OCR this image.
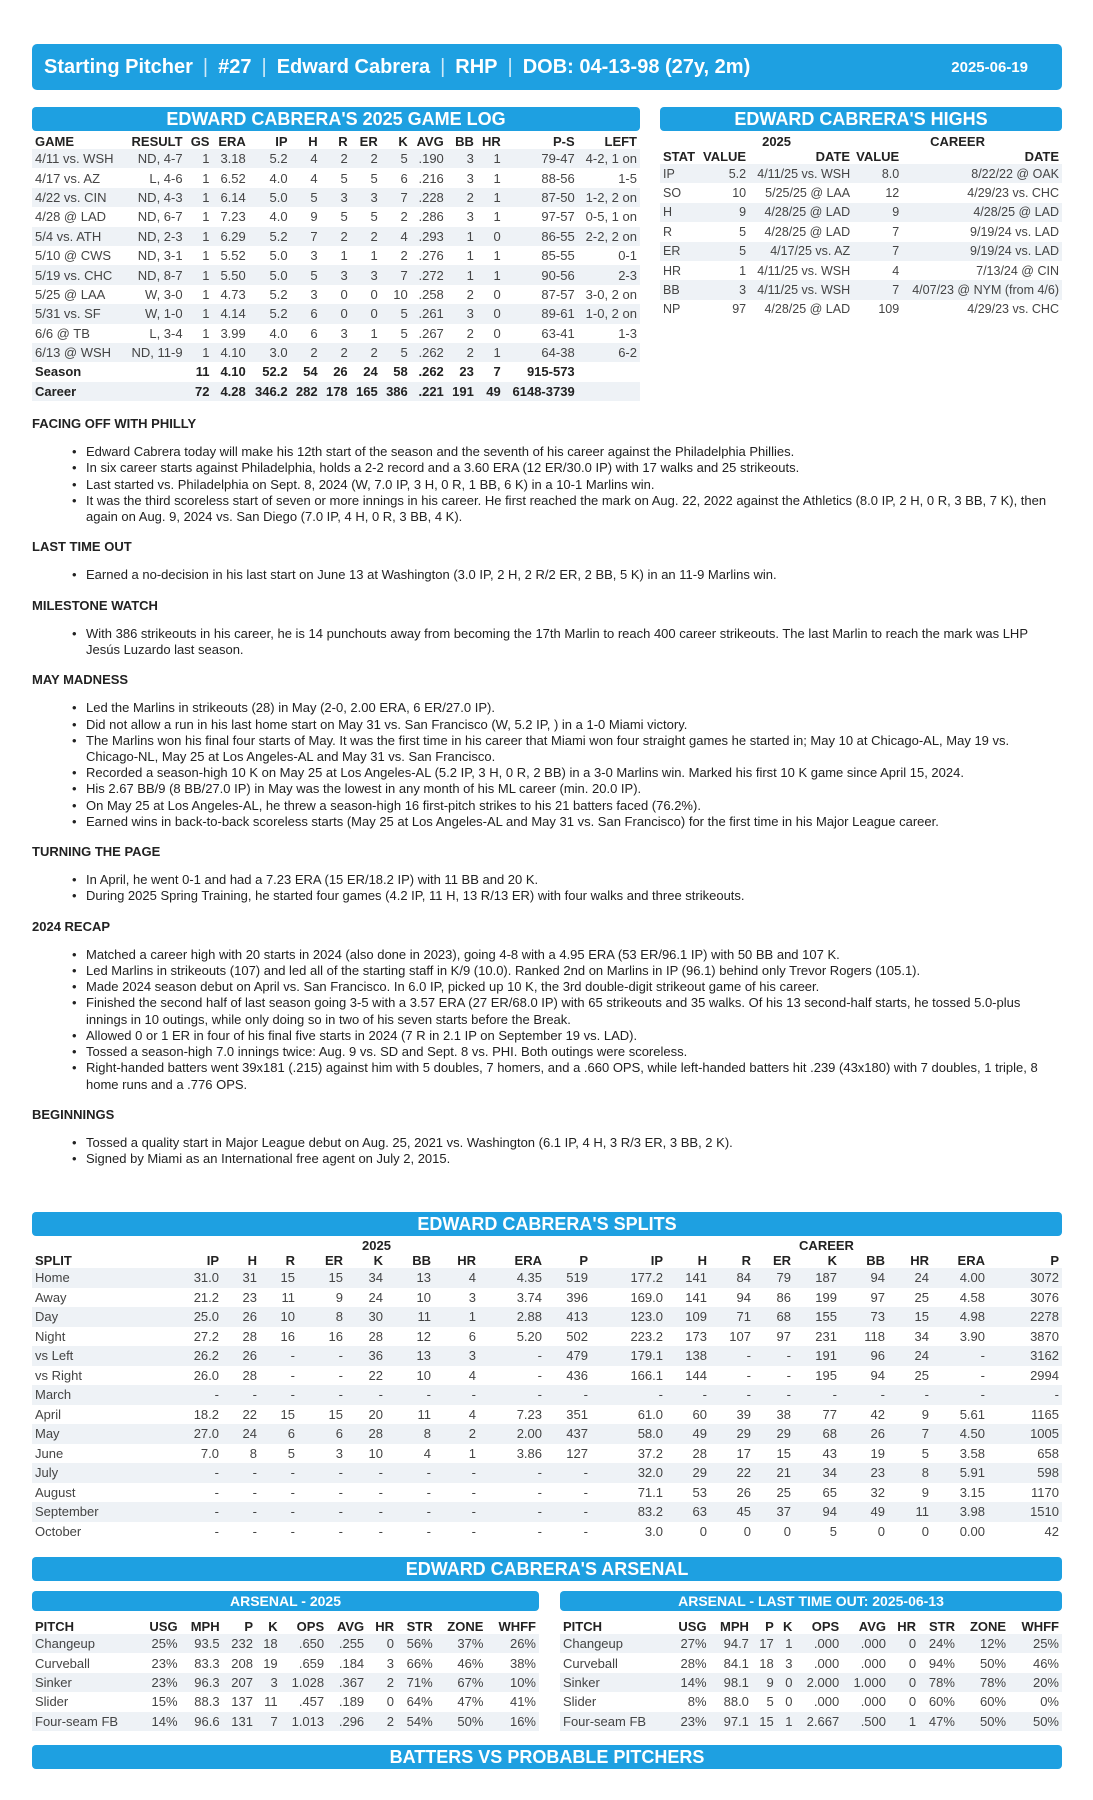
Starting Pitcher | #27 | Edward Cabrera | RHP | DOB: 04-13-98 (27y, 2m)	2025-06-19
EDWARD CABRERA'S 2025 GAME LOG
GAME	RESULT	GS	ERA	IP	H	R	ER	K	AVG	BB	HR	P-S	LEFT
4/11 vs. WSH	ND, 4-7	1	3.18	5.2	4	2	2	5	.190	3	1	79-47	4-2, 1 on
4/17 vs. AZ	L, 4-6	1	6.52	4.0	4	5	5	6	.216	3	1	88-56	1-5
4/22 vs. CIN	ND, 4-3	1	6.14	5.0	5	3	3	7	.228	2	1	87-50	1-2, 2 on
4/28 @ LAD	ND, 6-7	1	7.23	4.0	9	5	5	2	.286	3	1	97-57	0-5, 1 on
5/4 vs. ATH	ND, 2-3	1	6.29	5.2	7	2	2	4	.293	1	0	86-55	2-2, 2 on
5/10 @ CWS	ND, 3-1	1	5.52	5.0	3	1	1	2	.276	1	1	85-55	0-1
5/19 vs. CHC	ND, 8-7	1	5.50	5.0	5	3	3	7	.272	1	1	90-56	2-3
5/25 @ LAA	W, 3-0	1	4.73	5.2	3	0	0	10	.258	2	0	87-57	3-0, 2 on
5/31 vs. SF	W, 1-0	1	4.14	5.2	6	0	0	5	.261	3	0	89-61	1-0, 2 on
6/6 @ TB	L, 3-4	1	3.99	4.0	6	3	1	5	.267	2	0	63-41	1-3
6/13 @ WSH	ND, 11-9	1	4.10	3.0	2	2	2	5	.262	2	1	64-38	6-2
Season		11	4.10	52.2	54	26	24	58	.262	23	7	915-573	
Career		72	4.28	346.2	282	178	165	386	.221	191	49	6148-3739	
EDWARD CABRERA'S HIGHS
	2025		CAREER	
STAT	VALUE	DATE	VALUE	DATE
IP	5.2	4/11/25 vs. WSH	8.0	8/22/22 @ OAK
SO	10	5/25/25 @ LAA	12	4/29/23 vs. CHC
H	9	4/28/25 @ LAD	9	4/28/25 @ LAD
R	5	4/28/25 @ LAD	7	9/19/24 vs. LAD
ER	5	4/17/25 vs. AZ	7	9/19/24 vs. LAD
HR	1	4/11/25 vs. WSH	4	7/13/24 @ CIN
BB	3	4/11/25 vs. WSH	7	4/07/23 @ NYM (from 4/6)
NP	97	4/28/25 @ LAD	109	4/29/23 vs. CHC
FACING OFF WITH PHILLY
• Edward Cabrera today will make his 12th start of the season and the seventh of his career against the Philadelphia Phillies.
• In six career starts against Philadelphia, holds a 2-2 record and a 3.60 ERA (12 ER/30.0 IP) with 17 walks and 25 strikeouts.
• Last started vs. Philadelphia on Sept. 8, 2024 (W, 7.0 IP, 3 H, 0 R, 1 BB, 6 K) in a 10-1 Marlins win.
• It was the third scoreless start of seven or more innings in his career. He first reached the mark on Aug. 22, 2022 against the Athletics (8.0 IP, 2 H, 0 R, 3 BB, 7 K), then again on Aug. 9, 2024 vs. San Diego (7.0 IP, 4 H, 0 R, 3 BB, 4 K).
LAST TIME OUT
• Earned a no-decision in his last start on June 13 at Washington (3.0 IP, 2 H, 2 R/2 ER, 2 BB, 5 K) in an 11-9 Marlins win.
MILESTONE WATCH
• With 386 strikeouts in his career, he is 14 punchouts away from becoming the 17th Marlin to reach 400 career strikeouts. The last Marlin to reach the mark was LHP Jesús Luzardo last season.
MAY MADNESS
• Led the Marlins in strikeouts (28) in May (2-0, 2.00 ERA, 6 ER/27.0 IP).
• Did not allow a run in his last home start on May 31 vs. San Francisco (W, 5.2 IP, ) in a 1-0 Miami victory.
• The Marlins won his final four starts of May. It was the first time in his career that Miami won four straight games he started in; May 10 at Chicago-AL, May 19 vs. Chicago-NL, May 25 at Los Angeles-AL and May 31 vs. San Francisco.
• Recorded a season-high 10 K on May 25 at Los Angeles-AL (5.2 IP, 3 H, 0 R, 2 BB) in a 3-0 Marlins win. Marked his first 10 K game since April 15, 2024.
• His 2.67 BB/9 (8 BB/27.0 IP) in May was the lowest in any month of his ML career (min. 20.0 IP).
• On May 25 at Los Angeles-AL, he threw a season-high 16 first-pitch strikes to his 21 batters faced (76.2%).
• Earned wins in back-to-back scoreless starts (May 25 at Los Angeles-AL and May 31 vs. San Francisco) for the first time in his Major League career.
TURNING THE PAGE
• In April, he went 0-1 and had a 7.23 ERA (15 ER/18.2 IP) with 11 BB and 20 K.
• During 2025 Spring Training, he started four games (4.2 IP, 11 H, 13 R/13 ER) with four walks and three strikeouts.
2024 RECAP
• Matched a career high with 20 starts in 2024 (also done in 2023), going 4-8 with a 4.95 ERA (53 ER/96.1 IP) with 50 BB and 107 K.
• Led Marlins in strikeouts (107) and led all of the starting staff in K/9 (10.0). Ranked 2nd on Marlins in IP (96.1) behind only Trevor Rogers (105.1).
• Made 2024 season debut on April vs. San Francisco. In 6.0 IP, picked up 10 K, the 3rd double-digit strikeout game of his career.
• Finished the second half of last season going 3-5 with a 3.57 ERA (27 ER/68.0 IP) with 65 strikeouts and 35 walks. Of his 13 second-half starts, he tossed 5.0-plus innings in 10 outings, while only doing so in two of his seven starts before the Break.
• Allowed 0 or 1 ER in four of his final five starts in 2024 (7 R in 2.1 IP on September 19 vs. LAD).
• Tossed a season-high 7.0 innings twice: Aug. 9 vs. SD and Sept. 8 vs. PHI. Both outings were scoreless.
• Right-handed batters went 39x181 (.215) against him with 5 doubles, 7 homers, and a .660 OPS, while left-handed batters hit .239 (43x180) with 7 doubles, 1 triple, 8 home runs and a .776 OPS.
BEGINNINGS
• Tossed a quality start in Major League debut on Aug. 25, 2021 vs. Washington (6.1 IP, 4 H, 3 R/3 ER, 3 BB, 2 K).
• Signed by Miami as an International free agent on July 2, 2015.
EDWARD CABRERA'S SPLITS
	2025									CAREER								
SPLIT	IP	H	R	ER	K	BB	HR	ERA	P	IP	H	R	ER	K	BB	HR	ERA	P
Home	31.0	31	15	15	34	13	4	4.35	519	177.2	141	84	79	187	94	24	4.00	3072
Away	21.2	23	11	9	24	10	3	3.74	396	169.0	141	94	86	199	97	25	4.58	3076
Day	25.0	26	10	8	30	11	1	2.88	413	123.0	109	71	68	155	73	15	4.98	2278
Night	27.2	28	16	16	28	12	6	5.20	502	223.2	173	107	97	231	118	34	3.90	3870
vs Left	26.2	26	-	-	36	13	3	-	479	179.1	138	-	-	191	96	24	-	3162
vs Right	26.0	28	-	-	22	10	4	-	436	166.1	144	-	-	195	94	25	-	2994
March	-	-	-	-	-	-	-	-	-	-	-	-	-	-	-	-	-	-
April	18.2	22	15	15	20	11	4	7.23	351	61.0	60	39	38	77	42	9	5.61	1165
May	27.0	24	6	6	28	8	2	2.00	437	58.0	49	29	29	68	26	7	4.50	1005
June	7.0	8	5	3	10	4	1	3.86	127	37.2	28	17	15	43	19	5	3.58	658
July	-	-	-	-	-	-	-	-	-	32.0	29	22	21	34	23	8	5.91	598
August	-	-	-	-	-	-	-	-	-	71.1	53	26	25	65	32	9	3.15	1170
September	-	-	-	-	-	-	-	-	-	83.2	63	45	37	94	49	11	3.98	1510
October	-	-	-	-	-	-	-	-	-	3.0	0	0	0	5	0	0	0.00	42
EDWARD CABRERA'S ARSENAL
ARSENAL - 2025
PITCH	USG	MPH	P	K	OPS	AVG	HR	STR	ZONE	WHFF
Changeup	25%	93.5	232	18	.650	.255	0	56%	37%	26%
Curveball	23%	83.3	208	19	.659	.184	3	66%	46%	38%
Sinker	23%	96.3	207	3	1.028	.367	2	71%	67%	10%
Slider	15%	88.3	137	11	.457	.189	0	64%	47%	41%
Four-seam FB	14%	96.6	131	7	1.013	.296	2	54%	50%	16%
ARSENAL - LAST TIME OUT: 2025-06-13
PITCH	USG	MPH	P	K	OPS	AVG	HR	STR	ZONE	WHFF
Changeup	27%	94.7	17	1	.000	.000	0	24%	12%	25%
Curveball	28%	84.1	18	3	.000	.000	0	94%	50%	46%
Sinker	14%	98.1	9	0	2.000	1.000	0	78%	78%	20%
Slider	8%	88.0	5	0	.000	.000	0	60%	60%	0%
Four-seam FB	23%	97.1	15	1	2.667	.500	1	47%	50%	50%
BATTERS VS PROBABLE PITCHERS
